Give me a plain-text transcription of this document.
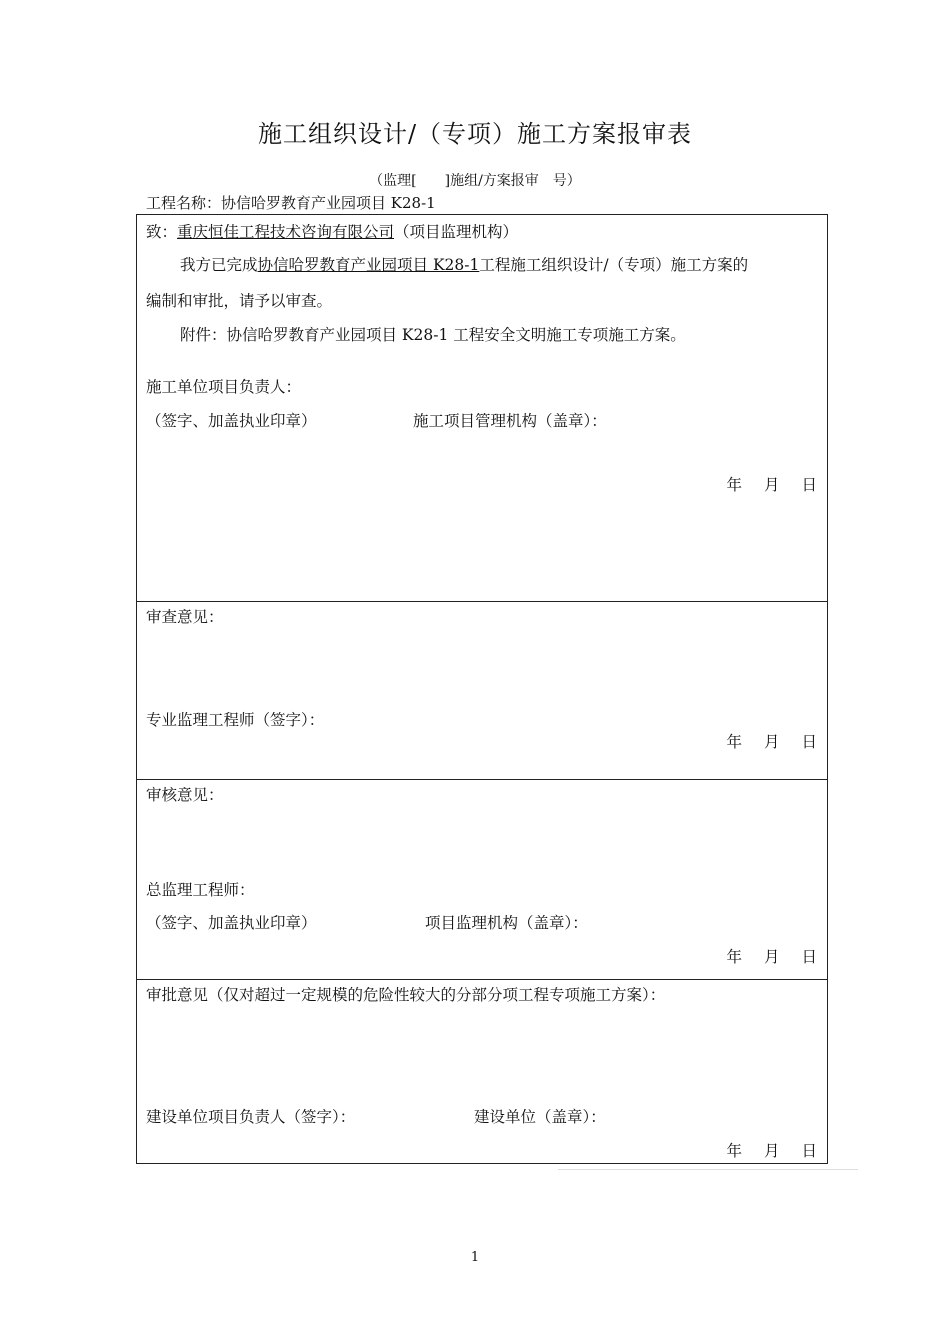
施工组织设计/（专项）施工方案报审表
（监理[　　]施组/方案报审　号）
工程名称：协信哈罗教育产业园项目 K28-1
致：重庆恒佳工程技术咨询有限公司（项目监理机构）
我方已完成协信哈罗教育产业园项目 K28-1工程施工组织设计/（专项）施工方案的
编制和审批，请予以审查。
附件：协信哈罗教育产业园项目 K28-1 工程安全文明施工专项施工方案。
施工单位项目负责人：
（签字、加盖执业印章）	施工项目管理机构（盖章）：
年 月 日
审查意见：
专业监理工程师（签字）：
年 月 日
审核意见：
总监理工程师：
（签字、加盖执业印章）	项目监理机构（盖章）：
年 月 日
审批意见（仅对超过一定规模的危险性较大的分部分项工程专项施工方案）：
建设单位项目负责人（签字）：	建设单位（盖章）：
年 月 日
1
